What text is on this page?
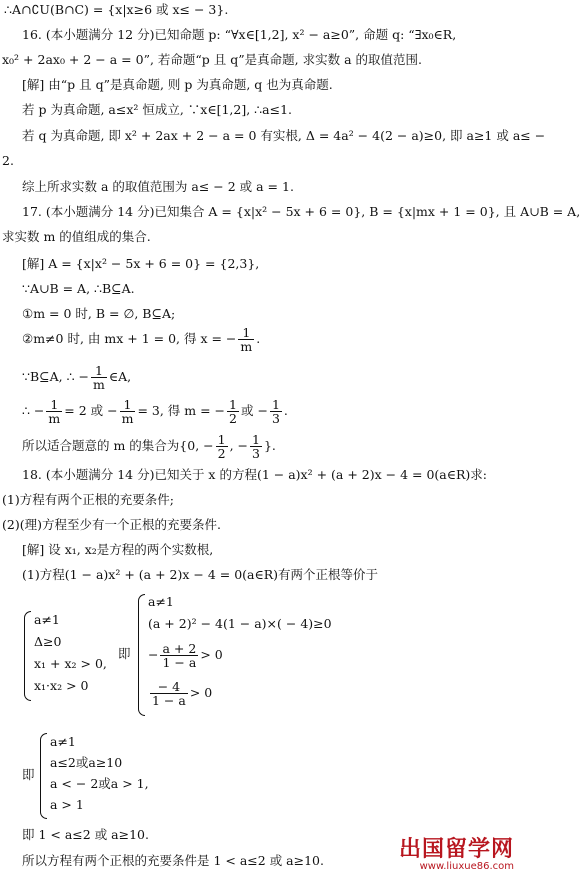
∴A∩∁U(B∩C) = {x|x≥6 或 x≤ − 3}.
16. (本小题满分 12 分)已知命题 p: “∀x∈[1,2], x² − a≥0”, 命题 q: “∃x₀∈R,
x₀² + 2ax₀ + 2 − a = 0”, 若命题“p 且 q”是真命题, 求实数 a 的取值范围.
[解] 由“p 且 q”是真命题, 则 p 为真命题, q 也为真命题.
若 p 为真命题, a≤x² 恒成立, ∵x∈[1,2], ∴a≤1.
若 q 为真命题, 即 x² + 2ax + 2 − a = 0 有实根, Δ = 4a² − 4(2 − a)≥0, 即 a≥1 或 a≤ −
2.
综上所求实数 a 的取值范围为 a≤ − 2 或 a = 1.
17. (本小题满分 14 分)已知集合 A = {x|x² − 5x + 6 = 0}, B = {x|mx + 1 = 0}, 且 A∪B = A,
求实数 m 的值组成的集合.
[解] A = {x|x² − 5x + 6 = 0} = {2,3},
∵A∪B = A, ∴B⊆A.
①m = 0 时, B = ∅, B⊆A;
②m≠0 时, 由 mx + 1 = 0, 得 x = − $\frac{1}{m}$ .
∵B⊆A, ∴ − $\frac{1}{m}$ ∈A,
∴ − $\frac{1}{m} = 2$ 或 − $\frac{1}{m} = 3$, 得 m = − $\frac{1}{2}$ 或 − $\frac{1}{3}$ .
所以适合题意的 m 的集合为{0, − $\frac{1}{2}$ , − $\frac{1}{3}$ }.
18. (本小题满分 14 分)已知关于 x 的方程(1 − a)x² + (a + 2)x − 4 = 0(a∈R)求:
(1)方程有两个正根的充要条件;
(2)(理)方程至少有一个正根的充要条件.
[解] 设 x₁, x₂是方程的两个实数根,
(1)方程(1 − a)x² + (a + 2)x − 4 = 0(a∈R)有两个正根等价于
a≠1
Δ≥0
x₁ + x₂ > 0,
x₁·x₂ > 0
即
a≠1
(a + 2)² − 4(1 − a)×( − 4)≥0
− $\frac{a + 2}{1 - a} > 0$
$\frac{- 4}{1 - a} > 0$
即
a≠1
a≤2或a≥10
a < − 2或a > 1,
a > 1
即 1 < a≤2 或 a≥10.
所以方程有两个正根的充要条件是 1 < a≤2 或 a≥10.	出国留学网
www.liuxue86.com
